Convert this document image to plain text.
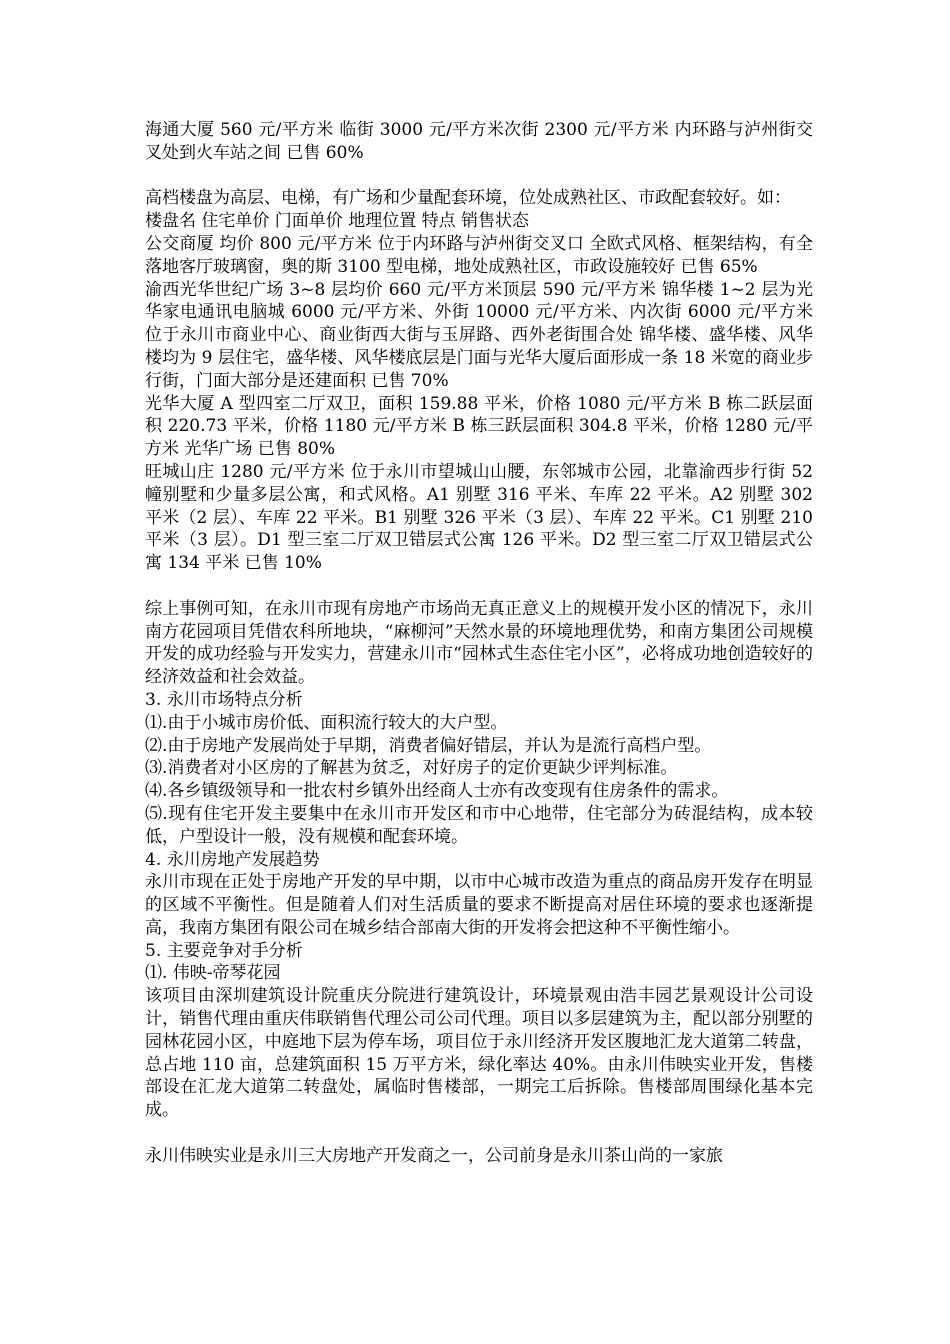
海通大厦 560 元/平方米 临街 3000 元/平方米次街 2300 元/平方米 内环路与泸州街交叉处到火车站之间 已售 60%

高档楼盘为高层、电梯，有广场和少量配套环境，位处成熟社区、市政配套较好。如：

楼盘名 住宅单价 门面单价 地理位置 特点 销售状态

公交商厦 均价 800 元/平方米 位于内环路与泸州街交叉口 全欧式风格、框架结构，有全落地客厅玻璃窗，奥的斯 3100 型电梯，地处成熟社区，市政设施较好 已售 65%

渝西光华世纪广场 3~8 层均价 660 元/平方米顶层 590 元/平方米 锦华楼 1~2 层为光华家电通讯电脑城 6000 元/平方米、外街 10000 元/平方米、内次街 6000 元/平方米 位于永川市商业中心、商业街西大街与玉屏路、西外老街围合处 锦华楼、盛华楼、风华楼均为 9 层住宅，盛华楼、风华楼底层是门面与光华大厦后面形成一条 18 米宽的商业步行街，门面大部分是还建面积 已售 70%

光华大厦 A 型四室二厅双卫，面积 159.88 平米，价格 1080 元/平方米 B 栋二跃层面积 220.73 平米，价格 1180 元/平方米 B 栋三跃层面积 304.8 平米，价格 1280 元/平方米 光华广场 已售 80%

旺城山庄 1280 元/平方米 位于永川市望城山山腰，东邻城市公园，北靠渝西步行街 52 幢别墅和少量多层公寓，和式风格。A1 别墅 316 平米、车库 22 平米。A2 别墅 302 平米（2 层）、车库 22 平米。B1 别墅 326 平米（3 层）、车库 22 平米。C1 别墅 210 平米（3 层）。D1 型三室二厅双卫错层式公寓 126 平米。D2 型三室二厅双卫错层式公寓 134 平米 已售 10%

综上事例可知，在永川市现有房地产市场尚无真正意义上的规模开发小区的情况下，永川南方花园项目凭借农科所地块，“麻柳河”天然水景的环境地理优势，和南方集团公司规模开发的成功经验与开发实力，营建永川市“园林式生态住宅小区”，必将成功地创造较好的经济效益和社会效益。

3. 永川市场特点分析

⑴.由于小城市房价低、面积流行较大的大户型。

⑵.由于房地产发展尚处于早期，消费者偏好错层，并认为是流行高档户型。

⑶.消费者对小区房的了解甚为贫乏，对好房子的定价更缺少评判标准。

⑷.各乡镇级领导和一批农村乡镇外出经商人士亦有改变现有住房条件的需求。

⑸.现有住宅开发主要集中在永川市开发区和市中心地带，住宅部分为砖混结构，成本较低，户型设计一般，没有规模和配套环境。

4. 永川房地产发展趋势

永川市现在正处于房地产开发的早中期，以市中心城市改造为重点的商品房开发存在明显的区域不平衡性。但是随着人们对生活质量的要求不断提高对居住环境的要求也逐渐提高，我南方集团有限公司在城乡结合部南大街的开发将会把这种不平衡性缩小。

5. 主要竞争对手分析

⑴. 伟映-帝琴花园

该项目由深圳建筑设计院重庆分院进行建筑设计，环境景观由浩丰园艺景观设计公司设计，销售代理由重庆伟联销售代理公司公司代理。项目以多层建筑为主，配以部分别墅的园林花园小区，中庭地下层为停车场，项目位于永川经济开发区腹地汇龙大道第二转盘，总占地 110 亩，总建筑面积 15 万平方米，绿化率达 40%。由永川伟映实业开发，售楼部设在汇龙大道第二转盘处，属临时售楼部，一期完工后拆除。售楼部周围绿化基本完成。

永川伟映实业是永川三大房地产开发商之一，公司前身是永川茶山尚的一家旅
